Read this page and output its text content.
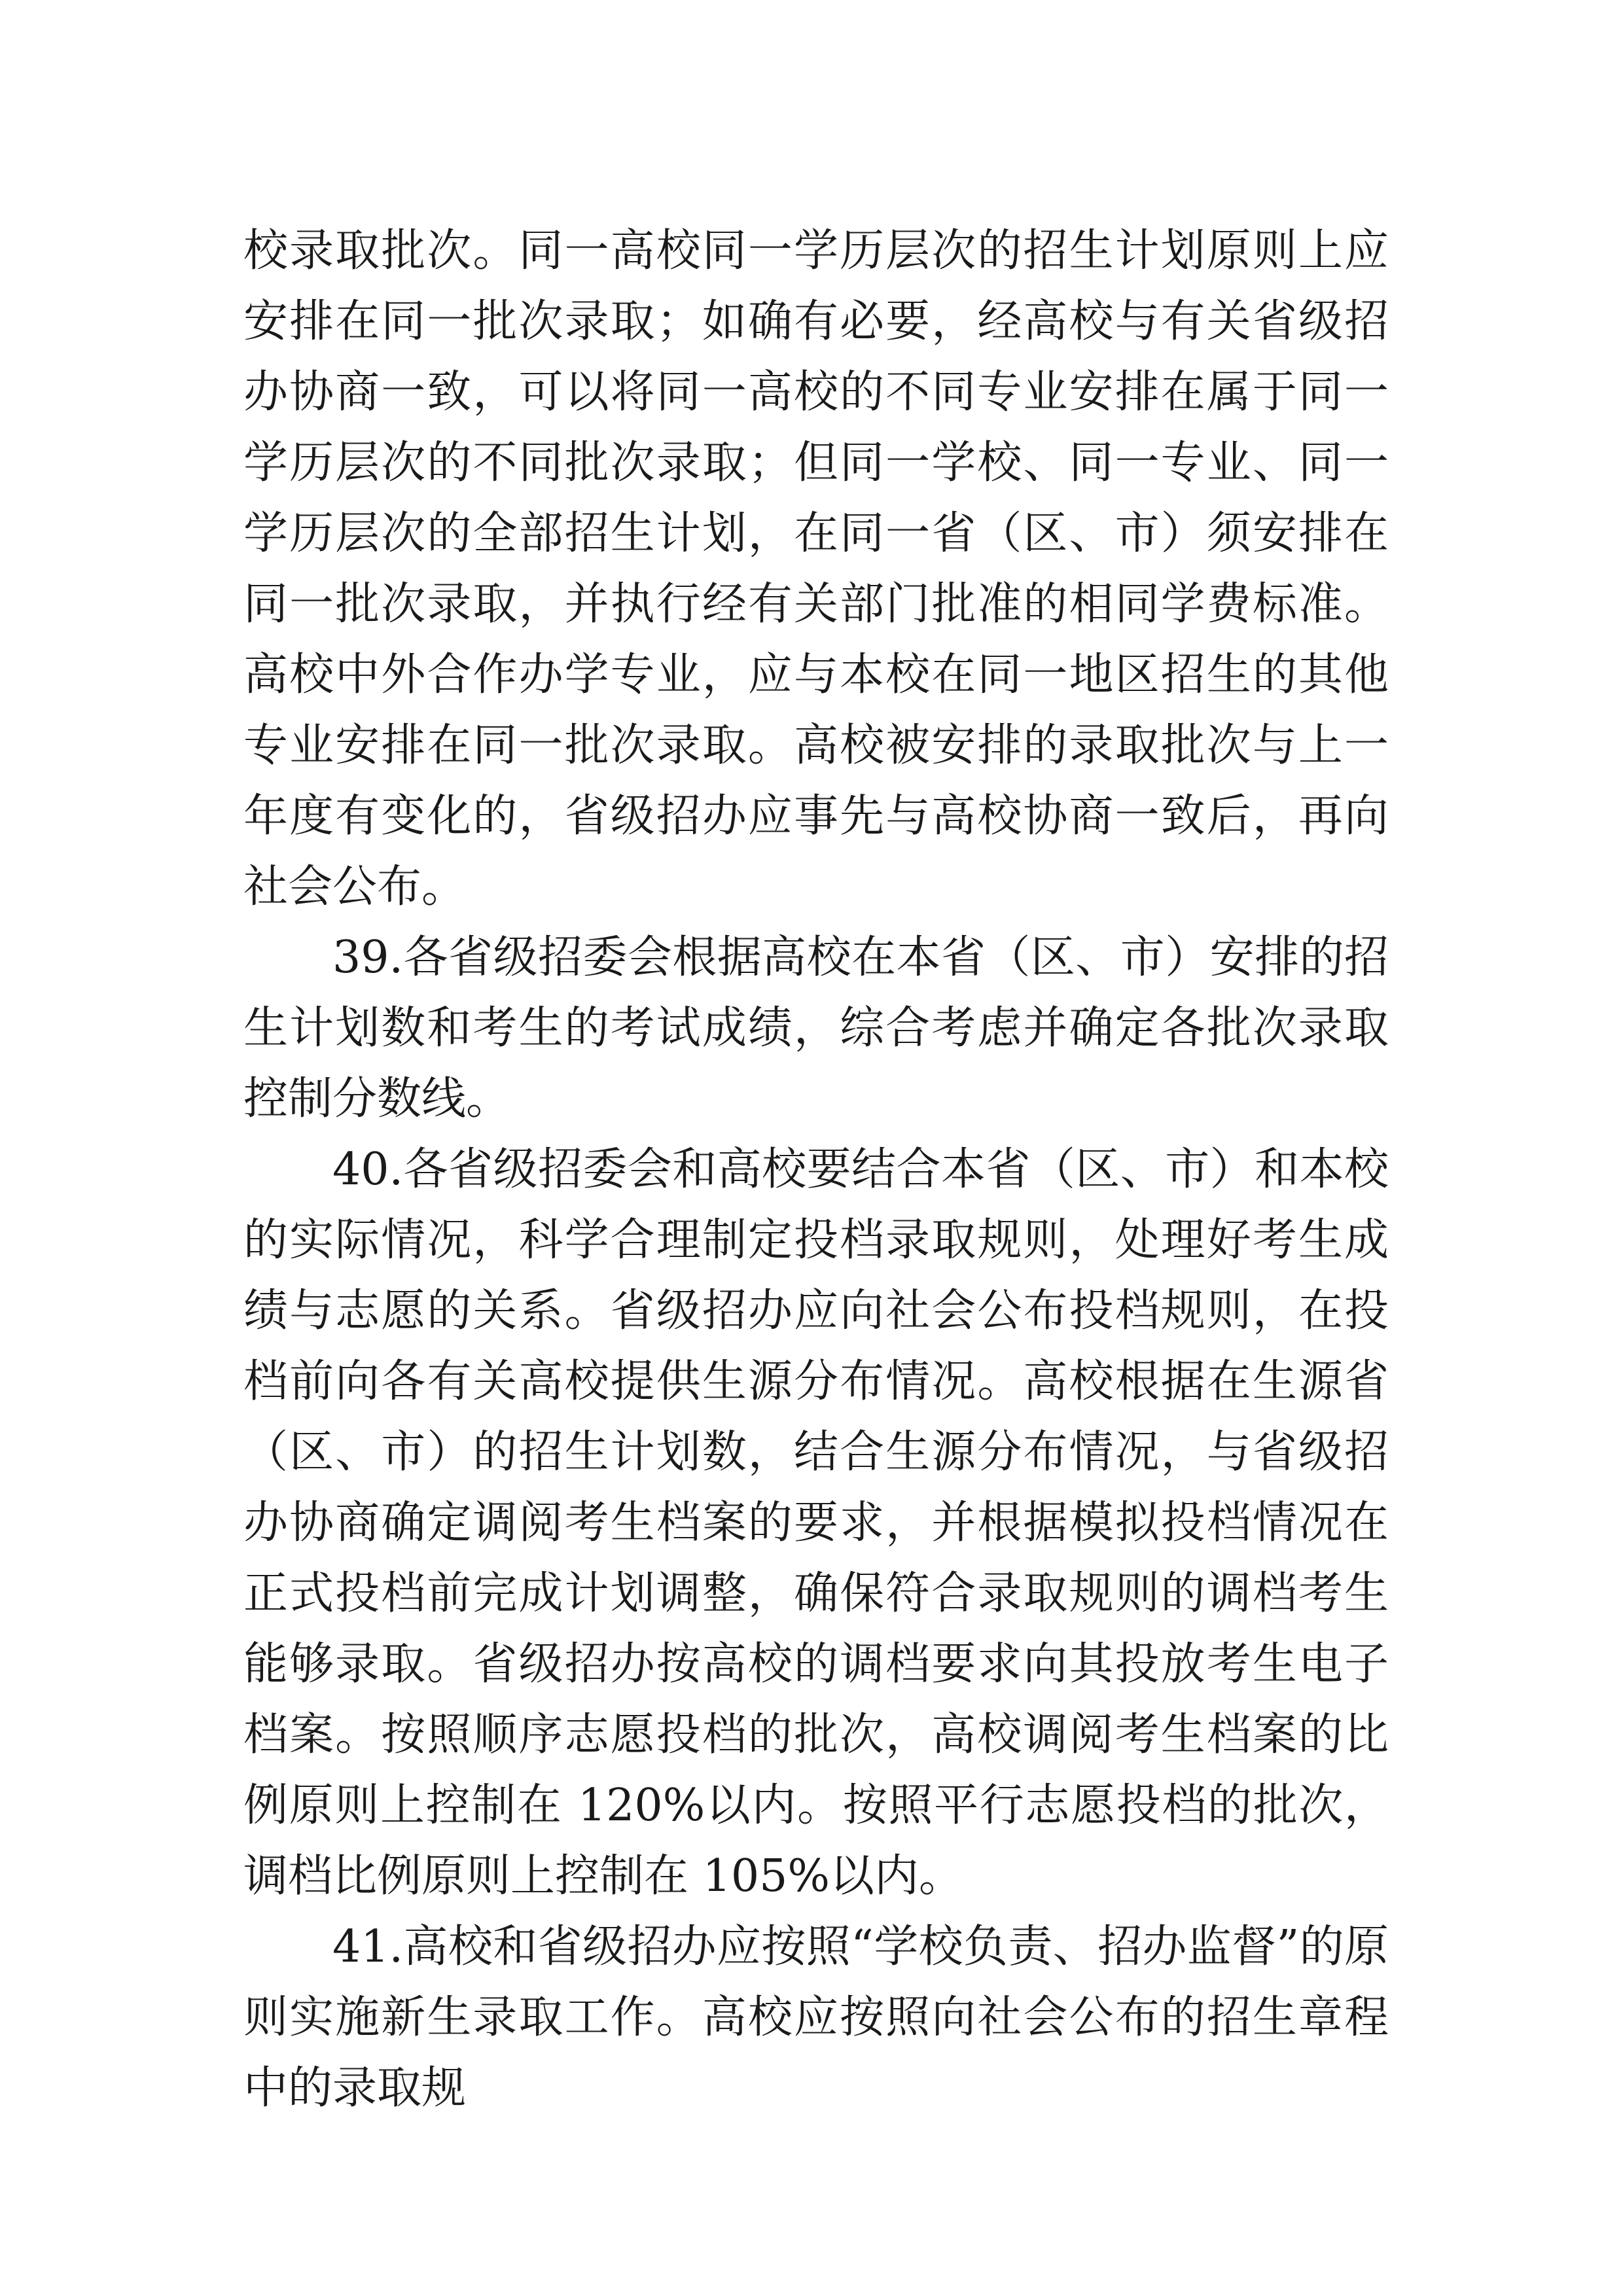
校录取批次。同一高校同一学历层次的招生计划原则上应安排在同一批次录取；如确有必要，经高校与有关省级招办协商一致，可以将同一高校的不同专业安排在属于同一学历层次的不同批次录取；但同一学校、同一专业、同一学历层次的全部招生计划，在同一省（区、市）须安排在同一批次录取，并执行经有关部门批准的相同学费标准。高校中外合作办学专业，应与本校在同一地区招生的其他专业安排在同一批次录取。高校被安排的录取批次与上一年度有变化的，省级招办应事先与高校协商一致后，再向社会公布。

39.各省级招委会根据高校在本省（区、市）安排的招生计划数和考生的考试成绩，综合考虑并确定各批次录取控制分数线。

40.各省级招委会和高校要结合本省（区、市）和本校的实际情况，科学合理制定投档录取规则，处理好考生成绩与志愿的关系。省级招办应向社会公布投档规则，在投档前向各有关高校提供生源分布情况。高校根据在生源省（区、市）的招生计划数，结合生源分布情况，与省级招办协商确定调阅考生档案的要求，并根据模拟投档情况在正式投档前完成计划调整，确保符合录取规则的调档考生能够录取。省级招办按高校的调档要求向其投放考生电子档案。按照顺序志愿投档的批次，高校调阅考生档案的比例原则上控制在 120%以内。按照平行志愿投档的批次，调档比例原则上控制在 105%以内。

41.高校和省级招办应按照“学校负责、招办监督”的原则实施新生录取工作。高校应按照向社会公布的招生章程中的录取规
